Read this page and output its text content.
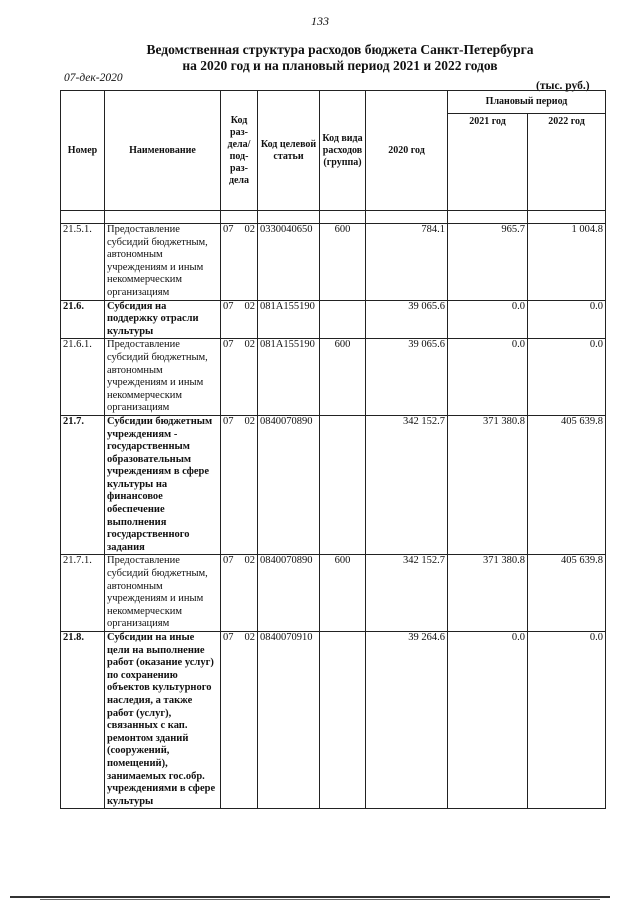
133
Ведомственная структура расходов бюджета Санкт-Петербурга
на 2020 год и на плановый период 2021 и 2022 годов
07-дек-2020
(тыс. руб.)
Номер	Наименование	Код раз-дела/ под-раз-дела	Код целевой статьи	Код вида расходов (группа)	2020 год	Плановый период	
						2021 год	2022 год

21.5.1.	Предоставление субсидий бюджетным, автономным учреждениям и иным некоммерческим организациям	07 02	0330040650	600	784.1	965.7	1 004.8
21.6.	Субсидия на поддержку отрасли культуры	07 02	081А155190		39 065.6	0.0	0.0
21.6.1.	Предоставление субсидий бюджетным, автономным учреждениям и иным некоммерческим организациям	07 02	081А155190	600	39 065.6	0.0	0.0
21.7.	Субсидии бюджетным учреждениям - государственным образовательным учреждениям в сфере культуры на финансовое обеспечение выполнения государственного задания	07 02	0840070890		342 152.7	371 380.8	405 639.8
21.7.1.	Предоставление субсидий бюджетным, автономным учреждениям и иным некоммерческим организациям	07 02	0840070890	600	342 152.7	371 380.8	405 639.8
21.8.	Субсидии на иные цели на выполнение работ (оказание услуг) по сохранению объектов культурного наследия, а также работ (услуг), связанных с кап. ремонтом зданий (сооружений, помещений), занимаемых гос.обр. учреждениями в сфере культуры	07 02	0840070910		39 264.6	0.0	0.0
